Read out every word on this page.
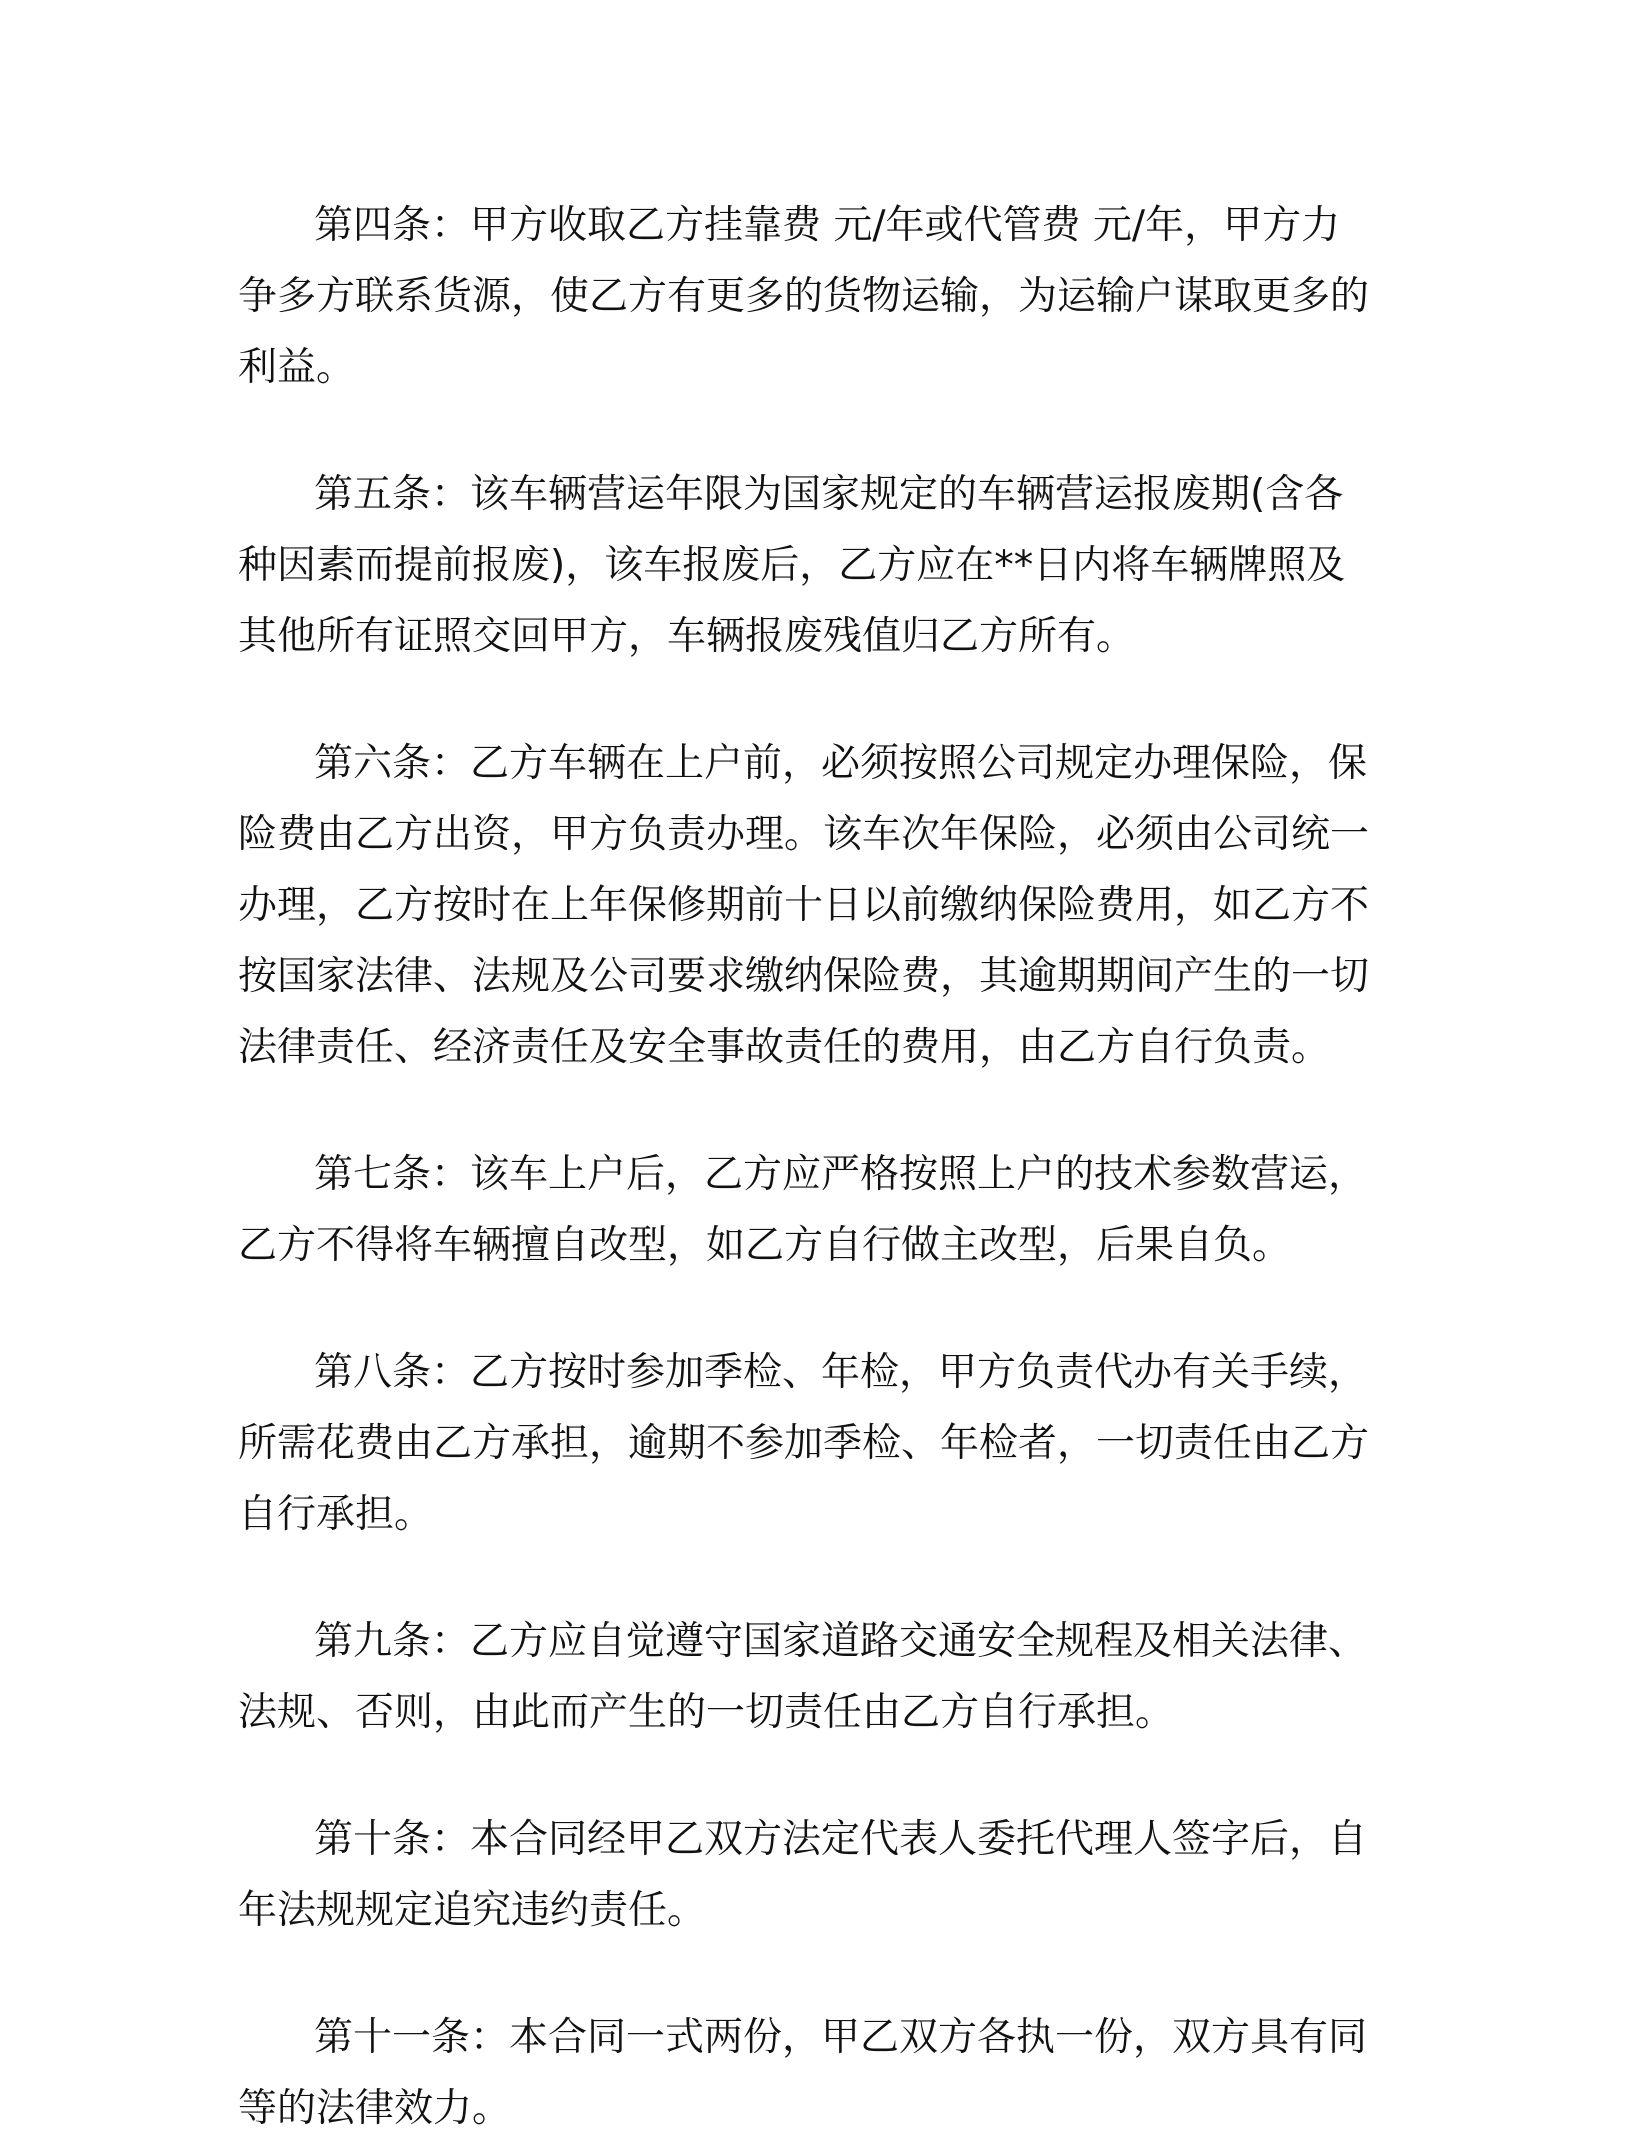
第四条：甲方收取乙方挂靠费 元/年或代管费 元/年，甲方力争多方联系货源，使乙方有更多的货物运输，为运输户谋取更多的利益。

第五条：该车辆营运年限为国家规定的车辆营运报废期(含各种因素而提前报废)，该车报废后，乙方应在**日内将车辆牌照及其他所有证照交回甲方，车辆报废残值归乙方所有。

第六条：乙方车辆在上户前，必须按照公司规定办理保险，保险费由乙方出资，甲方负责办理。该车次年保险，必须由公司统一办理，乙方按时在上年保修期前十日以前缴纳保险费用，如乙方不按国家法律、法规及公司要求缴纳保险费，其逾期期间产生的一切法律责任、经济责任及安全事故责任的费用，由乙方自行负责。

第七条：该车上户后，乙方应严格按照上户的技术参数营运，乙方不得将车辆擅自改型，如乙方自行做主改型，后果自负。

第八条：乙方按时参加季检、年检，甲方负责代办有关手续，所需花费由乙方承担，逾期不参加季检、年检者，一切责任由乙方自行承担。

第九条：乙方应自觉遵守国家道路交通安全规程及相关法律、法规、否则，由此而产生的一切责任由乙方自行承担。

第十条：本合同经甲乙双方法定代表人委托代理人签字后，自 年法规规定追究违约责任。

第十一条：本合同一式两份，甲乙双方各执一份，双方具有同等的法律效力。
